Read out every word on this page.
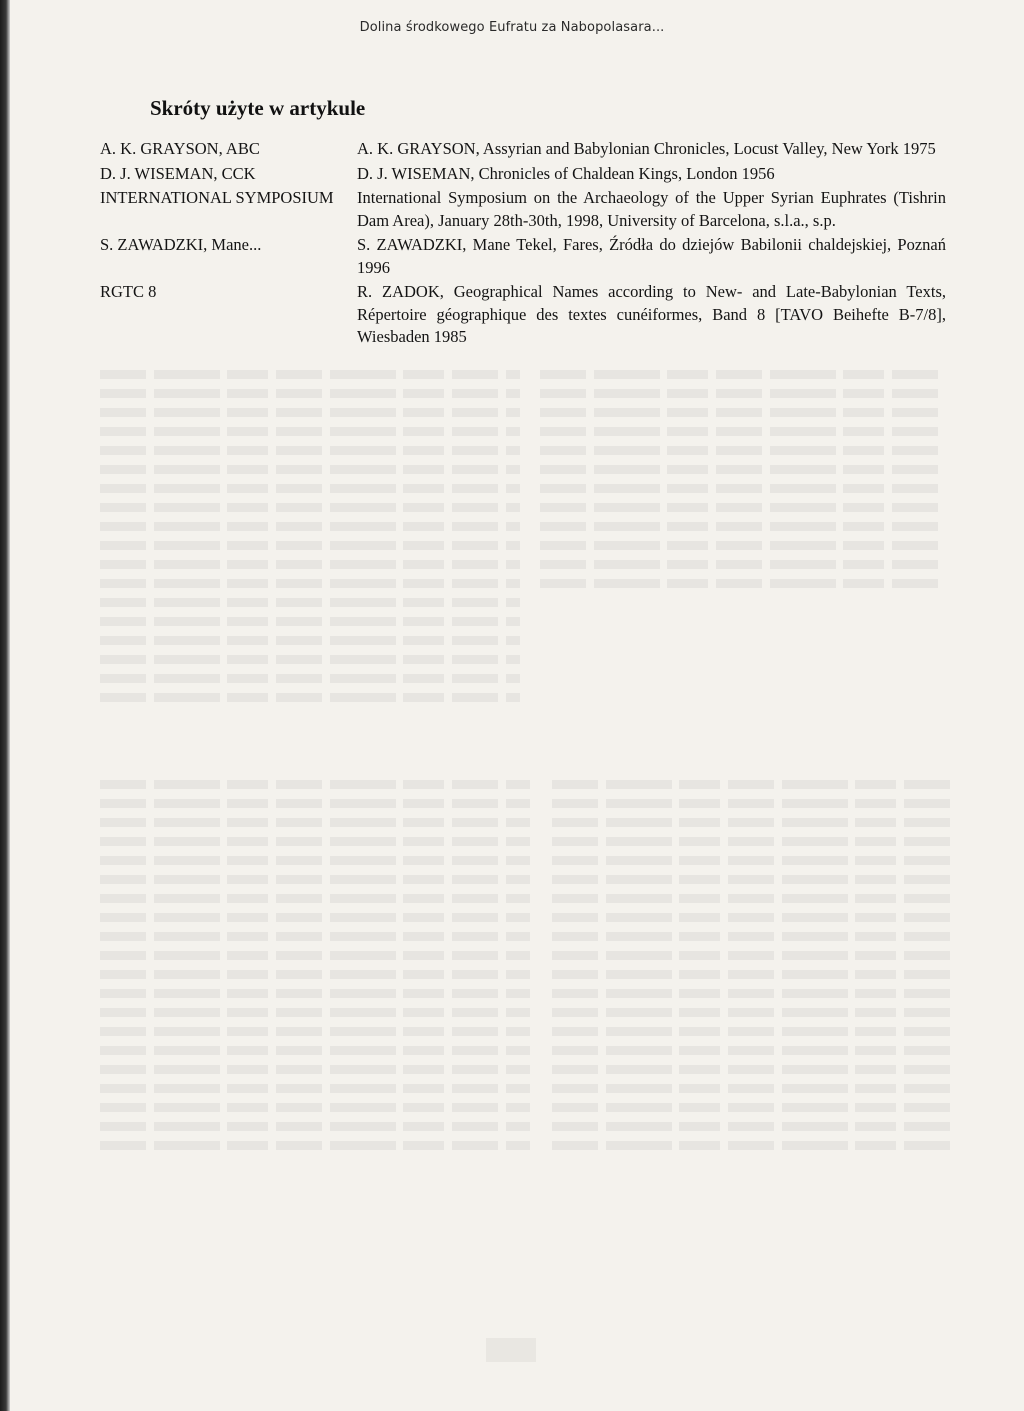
Dolina środkowego Eufratu za Nabopolasara...
Skróty użyte w artykule
A. K. GRAYSON, ABC	A. K. GRAYSON, Assyrian and Babylonian Chronicles, Locust Valley, New York 1975
D. J. WISEMAN, CCK	D. J. WISEMAN, Chronicles of Chaldean Kings, London 1956
INTERNATIONAL SYMPOSIUM	International Symposium on the Archaeology of the Upper Syrian Euphrates (Tishrin Dam Area), January 28th-30th, 1998, University of Barcelona, s.l.a., s.p.
S. ZAWADZKI, Mane...	S. ZAWADZKI, Mane Tekel, Fares, Źródła do dziejów Babilonii chaldejskiej, Poznań 1996
RGTC 8	R. ZADOK, Geographical Names according to New- and Late-Babylonian Texts, Répertoire géographique des textes cunéiformes, Band 8 [TAVO Beihefte B-7/8], Wiesbaden 1985
